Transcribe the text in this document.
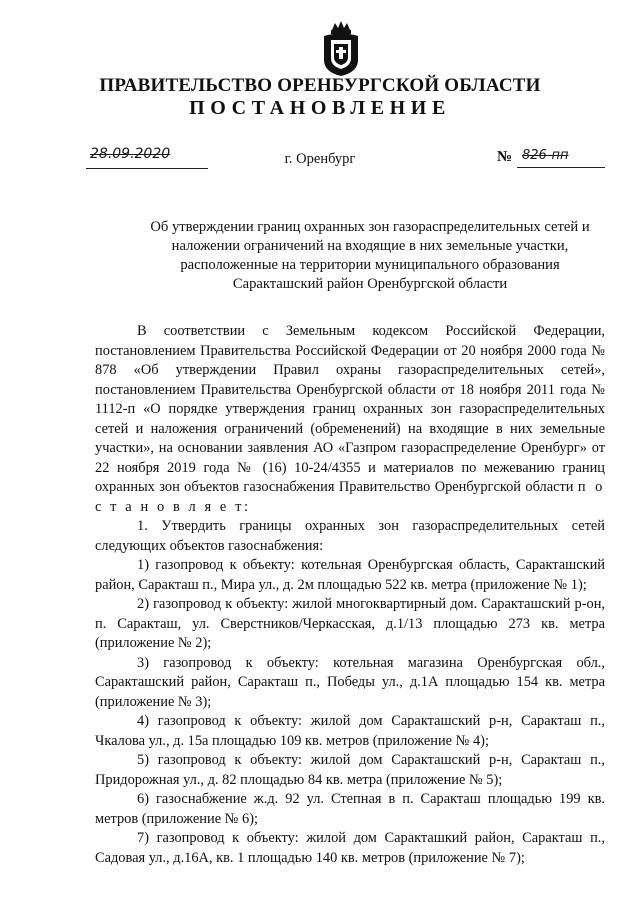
ПРАВИТЕЛЬСТВО ОРЕНБУРГСКОЙ ОБЛАСТИ
ПОСТАНОВЛЕНИЕ
28.09.2020	г. Оренбург	№ 826-пп
Об утверждении границ охранных зон газораспределительных сетей и
наложении ограничений на входящие в них земельные участки,
расположенные на территории муниципального образования
Саракташский район Оренбургской области

В соответствии с Земельным кодексом Российской Федерации, постановлением Правительства Российской Федерации от 20 ноября 2000 года № 878 «Об утверждении Правил охраны газораспределительных сетей», постановлением Правительства Оренбургской области от 18 ноября 2011 года № 1112-п «О порядке утверждения границ охранных зон газораспределительных сетей и наложения ограничений (обременений) на входящие в них земельные участки», на основании заявления АО «Газпром газораспределение Оренбург» от 22 ноября 2019 года № (16) 10-24/4355 и материалов по межеванию границ охранных зон объектов газоснабжения Правительство Оренбургской области п о с т а н о в л я е т:

1. Утвердить границы охранных зон газораспределительных сетей следующих объектов газоснабжения:

1) газопровод к объекту: котельная Оренбургская область, Саракташский район, Саракташ п., Мира ул., д. 2м площадью 522 кв. метра (приложение № 1);

2) газопровод к объекту: жилой многоквартирный дом. Саракташский р-он, п. Саракташ, ул. Сверстников/Черкасская, д.1/13 площадью 273 кв. метра (приложение № 2);

3) газопровод к объекту: котельная магазина Оренбургская обл., Саракташский район, Саракташ п., Победы ул., д.1А площадью 154 кв. метра (приложение № 3);

4) газопровод к объекту: жилой дом Саракташский р-н, Саракташ п., Чкалова ул., д. 15а площадью 109 кв. метров (приложение № 4);

5) газопровод к объекту: жилой дом Саракташский р-н, Саракташ п., Придорожная ул., д. 82 площадью 84 кв. метра (приложение № 5);

6) газоснабжение ж.д. 92 ул. Степная в п. Саракташ площадью 199 кв. метров (приложение № 6);

7) газопровод к объекту: жилой дом Саракташкий район, Саракташ п., Садовая ул., д.16А, кв. 1 площадью 140 кв. метров (приложение № 7);
